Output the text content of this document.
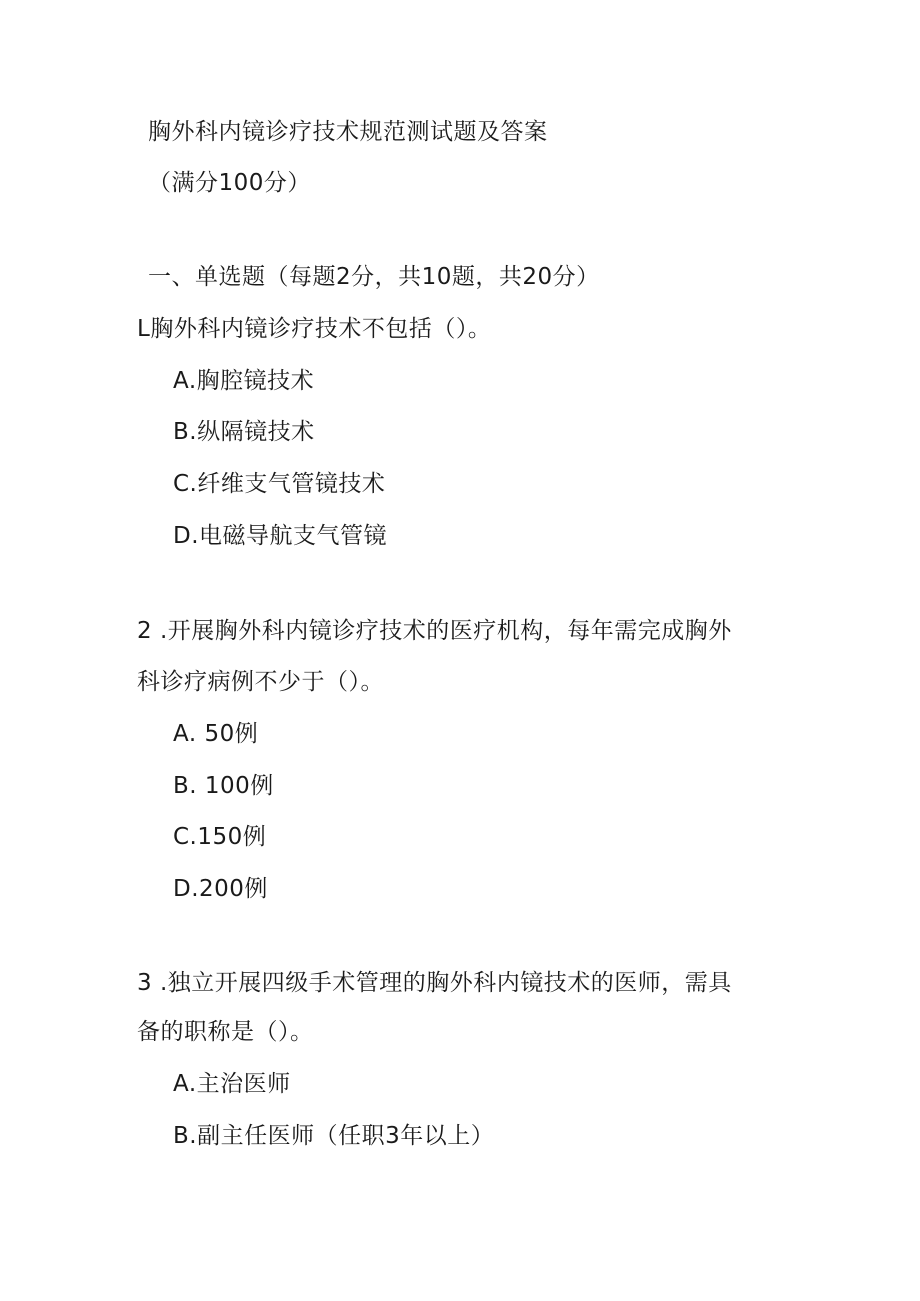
胸外科内镜诊疗技术规范测试题及答案
（满分100分）
一、单选题（每题2分，共10题，共20分）
L胸外科内镜诊疗技术不包括（）。
A.胸腔镜技术
B.纵隔镜技术
C.纤维支气管镜技术
D.电磁导航支气管镜
2 .开展胸外科内镜诊疗技术的医疗机构，每年需完成胸外
科诊疗病例不少于（）。
A. 50例
B. 100例
C.150例
D.200例
3 .独立开展四级手术管理的胸外科内镜技术的医师，需具
备的职称是（）。
A.主治医师
B.副主任医师（任职3年以上）
